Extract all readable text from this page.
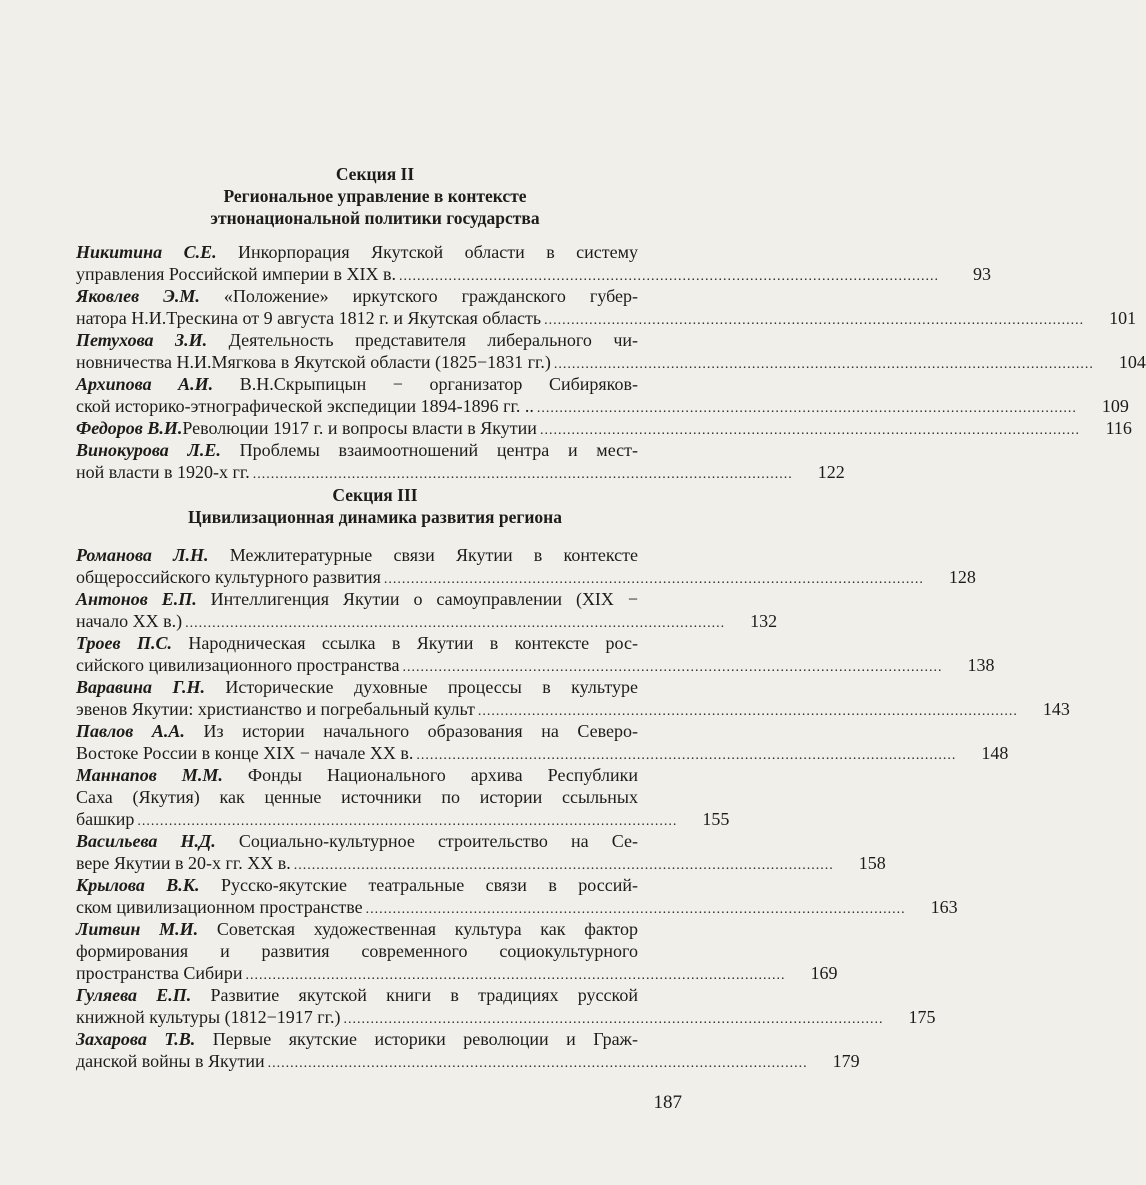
Секция II
Региональное управление в контексте
этнонациональной политики государства
Никитина С.Е. Инкорпорация Якутской области в систему
управления Российской империи в XIX в. ........................................................................................................................	93
Яковлев Э.М. «Положение» иркутского гражданского губер-
натора Н.И.Трескина от 9 августа 1812 г. и Якутская область ........................................................................................................................	101
Петухова З.И. Деятельность представителя либерального чи-
новничества Н.И.Мягкова в Якутской области (1825−1831 гг.) ........................................................................................................................	104
Архипова А.И. В.Н.Скрыпицын − организатор Сибиряков-
ской историко-этнографической экспедиции 1894-1896 гг. .. ........................................................................................................................	109
Федоров В.И. Революции 1917 г. и вопросы власти в Якутии ........................................................................................................................	116
Винокурова Л.Е. Проблемы взаимоотношений центра и мест-
ной власти в 1920-х гг. ........................................................................................................................	122
Секция III
Цивилизационная динамика развития региона
Романова Л.Н. Межлитературные связи Якутии в контексте
общероссийского культурного развития ........................................................................................................................	128
Антонов Е.П. Интеллигенция Якутии о самоуправлении (XIX −
начало XX в.) ........................................................................................................................	132
Троев П.С. Народническая ссылка в Якутии в контексте рос-
сийского цивилизационного пространства ........................................................................................................................	138
Варавина Г.Н. Исторические духовные процессы в культуре
эвенов Якутии: христианство и погребальный культ ........................................................................................................................	143
Павлов А.А. Из истории начального образования на Северо-
Востоке России в конце XIX − начале XX в. ........................................................................................................................	148
Маннапов М.М. Фонды Национального архива Республики
Саха (Якутия) как ценные источники по истории ссыльных
башкир ........................................................................................................................	155
Васильева Н.Д. Социально-культурное строительство на Се-
вере Якутии в 20-х гг. XX в. ........................................................................................................................	158
Крылова В.К. Русско-якутские театральные связи в россий-
ском цивилизационном пространстве ........................................................................................................................	163
Литвин М.И. Советская художественная культура как фактор
формирования и развития современного социокультурного
пространства Сибири ........................................................................................................................	169
Гуляева Е.П. Развитие якутской книги в традициях русской
книжной культуры (1812−1917 гг.) ........................................................................................................................	175
Захарова Т.В. Первые якутские историки революции и Граж-
данской войны в Якутии ........................................................................................................................	179
187
